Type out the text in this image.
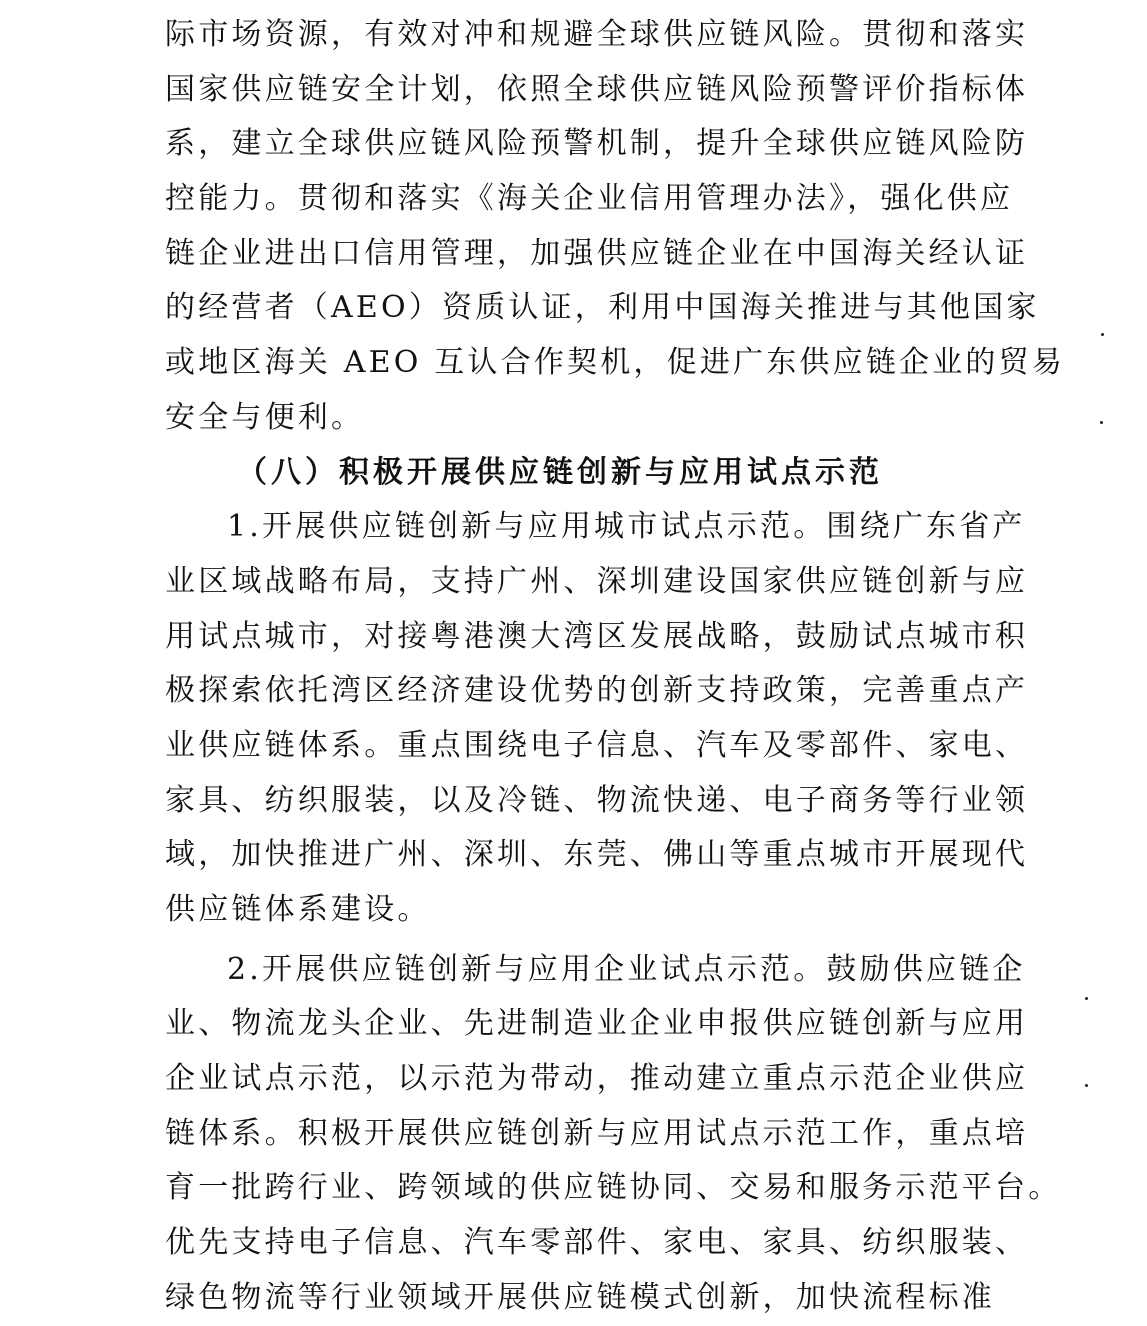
际市场资源，有效对冲和规避全球供应链风险。贯彻和落实
国家供应链安全计划，依照全球供应链风险预警评价指标体
系，建立全球供应链风险预警机制，提升全球供应链风险防
控能力。贯彻和落实《海关企业信用管理办法》，强化供应
链企业进出口信用管理，加强供应链企业在中国海关经认证
的经营者（AEO）资质认证，利用中国海关推进与其他国家
或地区海关 AEO 互认合作契机，促进广东供应链企业的贸易
安全与便利。
（八）积极开展供应链创新与应用试点示范
1.开展供应链创新与应用城市试点示范。围绕广东省产
业区域战略布局，支持广州、深圳建设国家供应链创新与应
用试点城市，对接粤港澳大湾区发展战略，鼓励试点城市积
极探索依托湾区经济建设优势的创新支持政策，完善重点产
业供应链体系。重点围绕电子信息、汽车及零部件、家电、
家具、纺织服装，以及冷链、物流快递、电子商务等行业领
域，加快推进广州、深圳、东莞、佛山等重点城市开展现代
供应链体系建设。
2.开展供应链创新与应用企业试点示范。鼓励供应链企
业、物流龙头企业、先进制造业企业申报供应链创新与应用
企业试点示范，以示范为带动，推动建立重点示范企业供应
链体系。积极开展供应链创新与应用试点示范工作，重点培
育一批跨行业、跨领域的供应链协同、交易和服务示范平台。
优先支持电子信息、汽车零部件、家电、家具、纺织服装、
绿色物流等行业领域开展供应链模式创新，加快流程标准
